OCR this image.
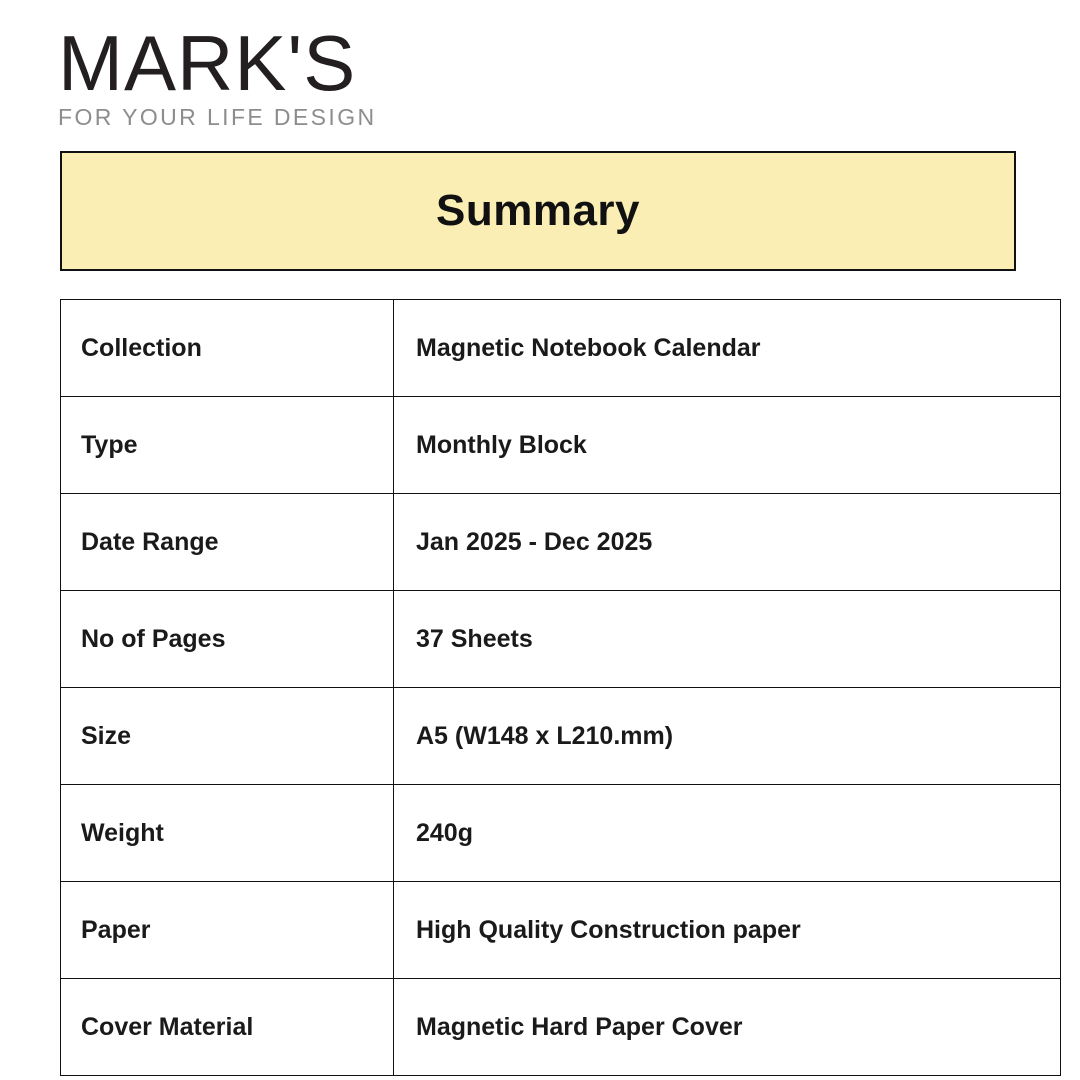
MARK'S
FOR YOUR LIFE DESIGN
Summary
Collection	Magnetic Notebook Calendar
Type	Monthly Block
Date Range	Jan 2025 - Dec 2025
No of Pages	37 Sheets
Size	A5 (W148 x L210.mm)
Weight	240g
Paper	High Quality Construction paper
Cover Material	Magnetic Hard Paper Cover
